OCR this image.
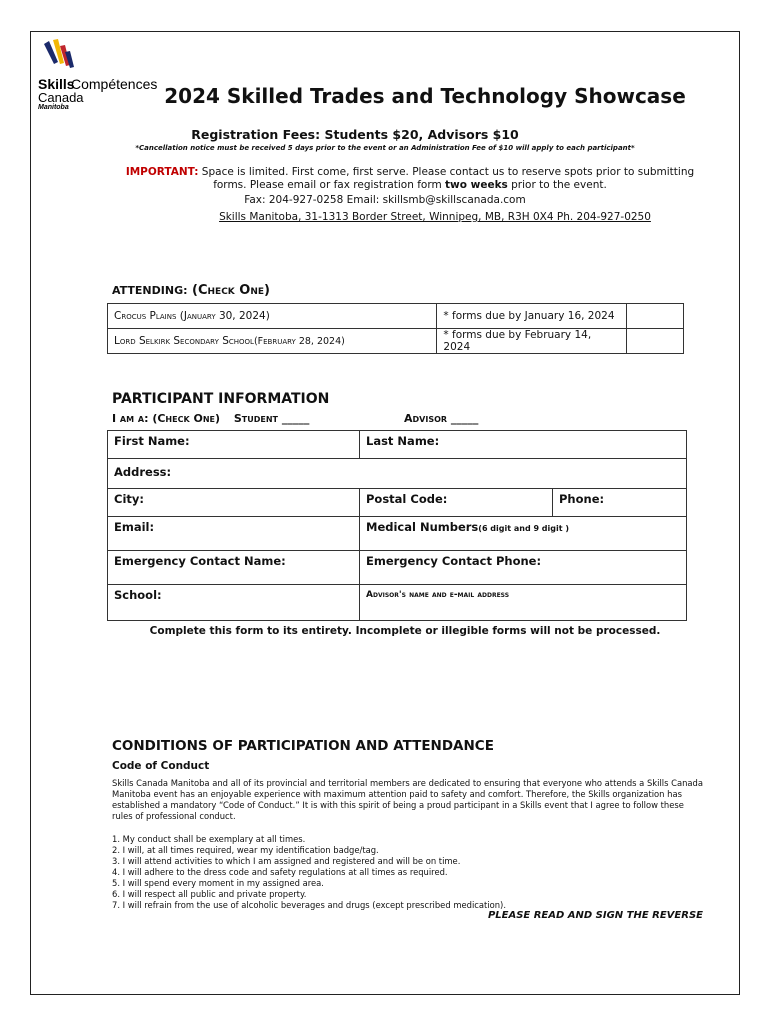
Skills
Compétences
Canada
Manitoba	2024 Skilled Trades and Technology Showcase
Registration Fees: Students $20, Advisors $10
*Cancellation notice must be received 5 days prior to the event or an Administration Fee of $10 will apply to each participant*
IMPORTANT: Space is limited. First come, first serve. Please contact us to reserve spots prior to submitting forms. Please email or fax registration form two weeks prior to the event.
Fax: 204-927-0258 Email: skillsmb@skillscanada.com
Skills Manitoba, 31-1313 Border Street, Winnipeg, MB, R3H 0X4 Ph. 204-927-0250
ATTENDING: (Check One)
Crocus Plains (January 30, 2024)	* forms due by January 16, 2024	
Lord Selkirk Secondary School(February 28, 2024)	* forms due by February 14, 2024	
PARTICIPANT INFORMATION
I am a: (Check One) Student _____	Advisor _____
First Name:	Last Name:	
Address:		
City:	Postal Code:	Phone:
Email:	Medical Numbers(6 digit and 9 digit )	
Emergency Contact Name:	Emergency Contact Phone:	
School:	Advisor's name and e-mail address	
Complete this form to its entirety. Incomplete or illegible forms will not be processed.
CONDITIONS OF PARTICIPATION AND ATTENDANCE
Code of Conduct
Skills Canada Manitoba and all of its provincial and territorial members are dedicated to ensuring that everyone who attends a Skills Canada Manitoba event has an enjoyable experience with maximum attention paid to safety and comfort. Therefore, the Skills organization has established a mandatory “Code of Conduct.” It is with this spirit of being a proud participant in a Skills event that I agree to follow these rules of professional conduct.
1. My conduct shall be exemplary at all times.
2. I will, at all times required, wear my identification badge/tag.
3. I will attend activities to which I am assigned and registered and will be on time.
4. I will adhere to the dress code and safety regulations at all times as required.
5. I will spend every moment in my assigned area.
6. I will respect all public and private property.
7. I will refrain from the use of alcoholic beverages and drugs (except prescribed medication).
PLEASE READ AND SIGN THE REVERSE
